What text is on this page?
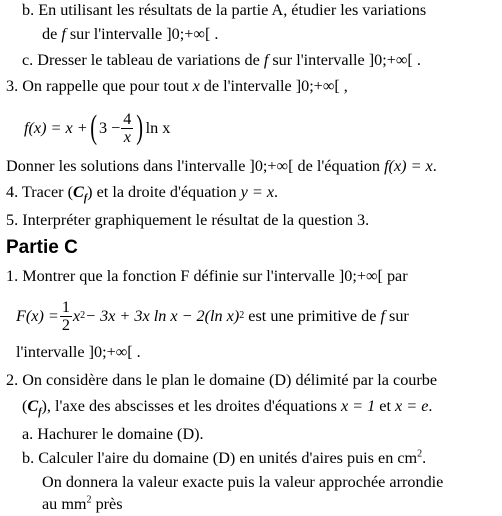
b. En utilisant les résultats de la partie A, étudier les variations
de f sur l'intervalle ]0;+∞[ .
c. Dresser le tableau de variations de f sur l'intervalle ]0;+∞[ .
3. On rappelle que pour tout x de l'intervalle ]0;+∞[ ,
f(x) = x + ( $3 - \frac{4}{x}$ ) ln x
Donner les solutions dans l'intervalle ]0;+∞[ de l'équation f(x) = x.
4. Tracer $(C_f)$ et la droite d'équation y = x.
5. Interpréter graphiquement le résultat de la question 3.
Partie C
1. Montrer que la fonction F définie sur l'intervalle ]0;+∞[ par
$F(x) = \frac{1}{2}$ x 2 − 3x + 3x ln x − 2(ln x) 2 est une primitive de f sur
l'intervalle ]0;+∞[ .
2. On considère dans le plan le domaine (D) délimité par la courbe
$(C_f)$, l'axe des abscisses et les droites d'équations x = 1 et x = e.
a. Hachurer le domaine (D).
b. Calculer l'aire du domaine (D) en unités d'aires puis en $cm^2$.
On donnera la valeur exacte puis la valeur approchée arrondie
au $mm^2$ près
